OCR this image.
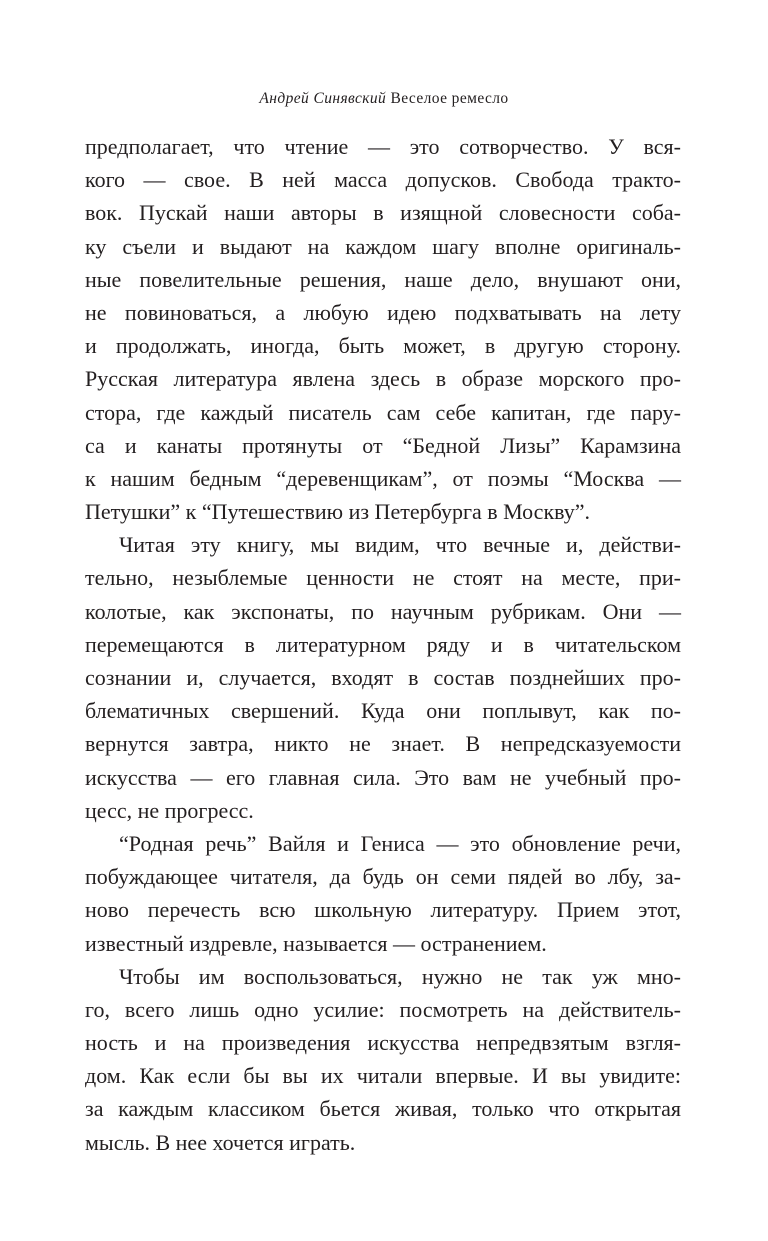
Андрей Синявский Веселое ремесло
предполагает, что чтение — это сотворчество. У вся-
кого — свое. В ней масса допусков. Свобода тракто-
вок. Пускай наши авторы в изящной словесности соба-
ку съели и выдают на каждом шагу вполне оригиналь-
ные повелительные решения, наше дело, внушают они,
не повиноваться, а любую идею подхватывать на лету
и продолжать, иногда, быть может, в другую сторону.
Русская литература явлена здесь в образе морского про-
стора, где каждый писатель сам себе капитан, где пару-
са и канаты протянуты от “Бедной Лизы” Карамзина
к нашим бедным “деревенщикам”, от поэмы “Москва —
Петушки” к “Путешествию из Петербурга в Москву”.
Читая эту книгу, мы видим, что вечные и, действи-
тельно, незыблемые ценности не стоят на месте, при-
колотые, как экспонаты, по научным рубрикам. Они —
перемещаются в литературном ряду и в читательском
сознании и, случается, входят в состав позднейших про-
блематичных свершений. Куда они поплывут, как по-
вернутся завтра, никто не знает. В непредсказуемости
искусства — его главная сила. Это вам не учебный про-
цесс, не прогресс.
“Родная речь” Вайля и Гениса — это обновление речи,
побуждающее читателя, да будь он семи пядей во лбу, за-
ново перечесть всю школьную литературу. Прием этот,
известный издревле, называется — остранением.
Чтобы им воспользоваться, нужно не так уж мно-
го, всего лишь одно усилие: посмотреть на действитель-
ность и на произведения искусства непредвзятым взгля-
дом. Как если бы вы их читали впервые. И вы увидите:
за каждым классиком бьется живая, только что открытая
мысль. В нее хочется играть.
